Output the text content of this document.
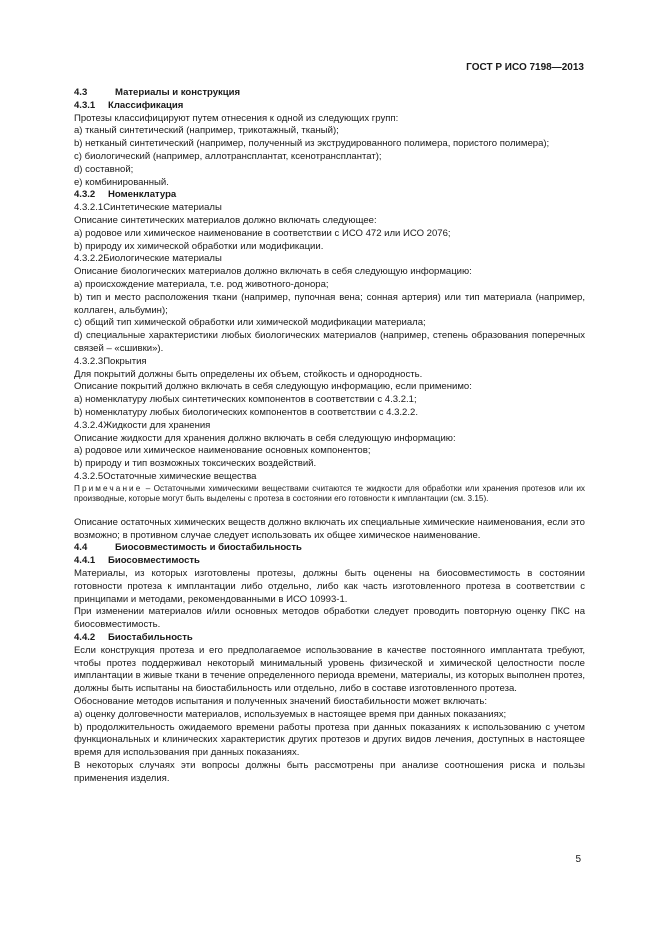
ГОСТ Р ИСО 7198—2013
4.3	Материалы и конструкция
4.3.1 Классификация

Протезы классифицируют путем отнесения к одной из следующих групп:

а) тканый синтетический (например, трикотажный, тканый);

b) нетканый синтетический (например, полученный из экструдированного полимера, пористого полимера);

c) биологический (например, аллотрансплантат, ксенотрансплантат);

d) составной;

e) комбинированный.

4.3.2 Номенклатура

4.3.2.1Синтетические материалы

Описание синтетических материалов должно включать следующее:

а) родовое или химическое наименование в соответствии с ИСО 472 или ИСО 2076;

b) природу их химической обработки или модификации.

4.3.2.2Биологические материалы

Описание биологических материалов должно включать в себя следующую информацию:

а) происхождение материала, т.е. род животного-донора;

b) тип и место расположения ткани (например, пупочная вена; сонная артерия) или тип материала (например, коллаген, альбумин);

c) общий тип химической обработки или химической модификации материала;

d) специальные характеристики любых биологических материалов (например, степень образования поперечных связей – «сшивки»).

4.3.2.3Покрытия

Для покрытий должны быть определены их объем, стойкость и однородность.

Описание покрытий должно включать в себя следующую информацию, если применимо:

а) номенклатуру любых синтетических компонентов в соответствии с 4.3.2.1;

b) номенклатуру любых биологических компонентов в соответствии с 4.3.2.2.

4.3.2.4Жидкости для хранения

Описание жидкости для хранения должно включать в себя следующую информацию:

а) родовое или химическое наименование основных компонентов;

b) природу и тип возможных токсических воздействий.

4.3.2.5Остаточные химические вещества

Примечание – Остаточными химическими веществами считаются те жидкости для обработки или хранения протезов или их производные, которые могут быть выделены с протеза в состоянии его готовности к имплантации (см. 3.15).

Описание остаточных химических веществ должно включать их специальные химические наименования, если это возможно; в противном случае следует использовать их общее химическое наименование.

4.4	Биосовместимость и биостабильность
4.4.1 Биосовместимость

Материалы, из которых изготовлены протезы, должны быть оценены на биосовместимость в состоянии готовности протеза к имплантации либо отдельно, либо как часть изготовленного протеза в соответствии с принципами и методами, рекомендованными в ИСО 10993-1.

При изменении материалов и/или основных методов обработки следует проводить повторную оценку ПКС на биосовместимость.

4.4.2 Биостабильность

Если конструкция протеза и его предполагаемое использование в качестве постоянного имплантата требуют, чтобы протез поддерживал некоторый минимальный уровень физической и химической целостности после имплантации в живые ткани в течение определенного периода времени, материалы, из которых выполнен протез, должны быть испытаны на биостабильность или отдельно, либо в составе изготовленного протеза.

Обоснование методов испытания и полученных значений биостабильности может включать:

а) оценку долговечности материалов, используемых в настоящее время при данных показаниях;

b) продолжительность ожидаемого времени работы протеза при данных показаниях к использованию с учетом функциональных и клинических характеристик других протезов и других видов лечения, доступных в настоящее время для использования при данных показаниях.

В некоторых случаях эти вопросы должны быть рассмотрены при анализе соотношения риска и пользы применения изделия.

5
